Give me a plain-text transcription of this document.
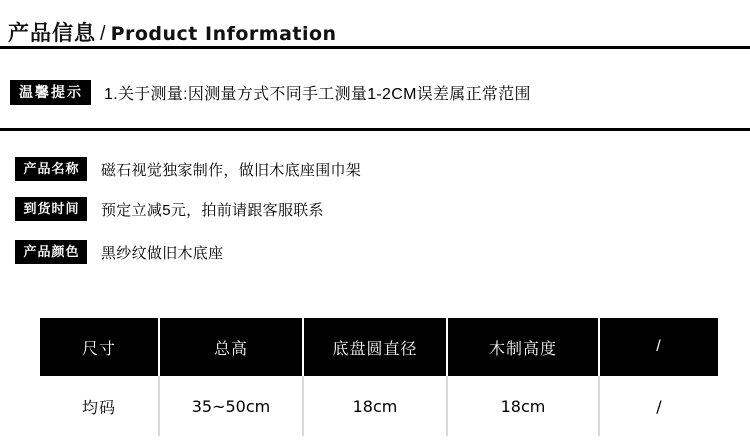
产品信息 / Product Information
温馨提示	1.关于测量:因测量方式不同手工测量1-2CM误差属正常范围
产品名称	磁石视觉独家制作，做旧木底座围巾架
到货时间	预定立减5元，拍前请跟客服联系
产品颜色	黑纱纹做旧木底座
尺寸	总高	底盘圆直径	木制高度	/
均码	35~50cm	18cm	18cm	/
